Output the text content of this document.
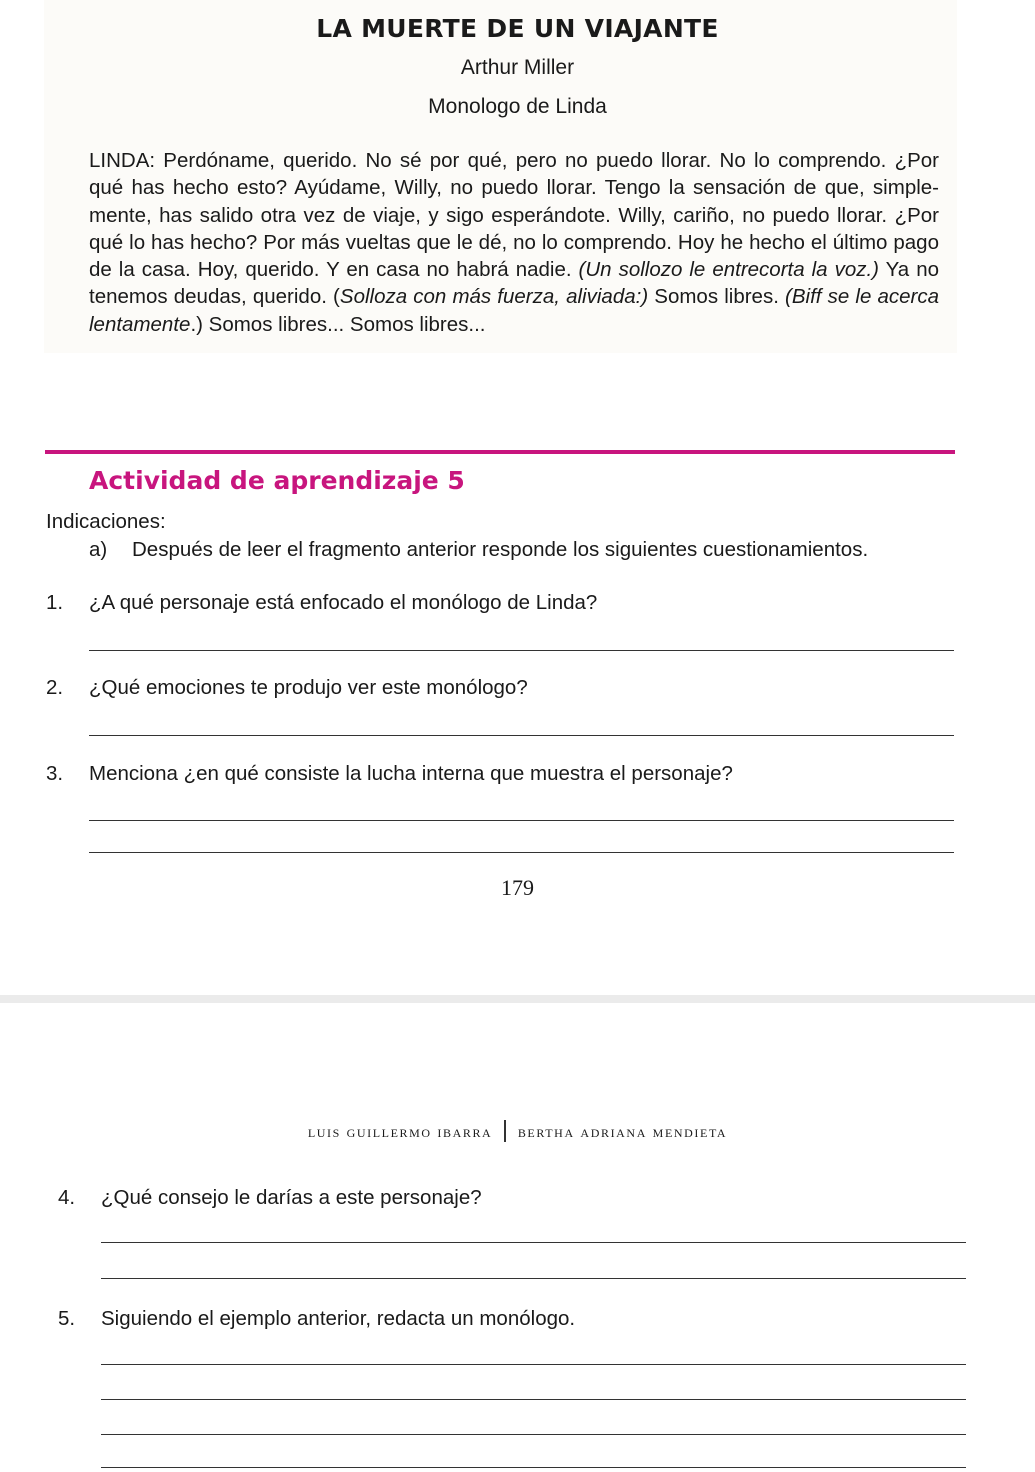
LA MUERTE DE UN VIAJANTE
Arthur Miller
Monologo de Linda
LINDA: Perdóname, querido. No sé por qué, pero no puedo llorar. No lo comprendo. ¿Por qué has hecho esto? Ayúdame, Willy, no puedo llorar. Tengo la sensación de que, simplemente, has salido otra vez de viaje, y sigo esperándote. Willy, cariño, no puedo llorar. ¿Por qué lo has hecho? Por más vueltas que le dé, no lo comprendo. Hoy he hecho el último pago de la casa. Hoy, querido. Y en casa no habrá nadie. (Un sollozo le entrecorta la voz.) Ya no tenemos deudas, querido. (Solloza con más fuerza, aliviada:) Somos libres. (Biff se le acerca lentamente.) Somos libres... Somos libres...
Actividad de aprendizaje 5
Indicaciones:
a) Después de leer el fragmento anterior responde los siguientes cuestionamientos.
1. ¿A qué personaje está enfocado el monólogo de Linda?
2. ¿Qué emociones te produjo ver este monólogo?
3. Menciona ¿en qué consiste la lucha interna que muestra el personaje?
179
luis guillermo ibarra bertha adriana mendieta
4. ¿Qué consejo le darías a este personaje?
5. Siguiendo el ejemplo anterior, redacta un monólogo.
